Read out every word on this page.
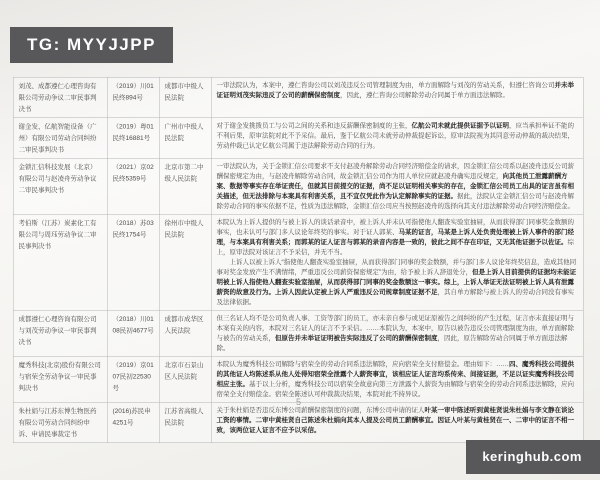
TG: MYYJJPP
刘茂、成都遵仁心理咨询有限公司劳动争议二审民事判决书	（2019）川01民终894号	成都市中级人民法院	一审法院认为，本案中，遵仁咨询公司以刘茂违反公司管理制度为由，单方面解除与刘茂的劳动关系，但遵仁咨询公司并未举证证明刘茂实际违反了公司的薪酬保密制度，因此，遵仁咨询公司解除劳动合同属于单方面违法解除。

谢金发、亿航智能设备（广州）有限公司劳动合同纠纷二审民事判决书	（2019）粤01民终16881号	广州市中级人民法院	对于谢金发挑拨员工与公司之间的关系和违反薪酬保密制度的主张，亿航公司未就此提供证据予以证明，应当承担举证不能的不利后果，原审法院对此不予采信。最后，鉴于亿航公司未就劳动仲裁提起诉讼，原审法院视为其同意劳动仲裁的裁决结果，劳动仲裁已认定亿航公司属于违法解除劳动合同的行为。

金锁汇信科技发展（北京）有限公司与赵凌舟劳动争议二审民事判决书	（2021）京02民终5359号	北京市第二中级人民法院	一审法院认为，关于金锁汇信公司要求不支付赵凌舟解除劳动合同经济赔偿金的请求，因金锁汇信公司系以赵凌舟违反公司薪酬保密规定为由，与赵凌舟解除劳动合同，故金锁汇信公司作为用人单位应就赵凌舟确实违反规定，向其他员工泄露薪酬方案、数据等事实存在举证责任，但就其目前提交的证据，尚不足以证明相关事实的存在，金锁汇信公司员工出具的证言虽有相关描述，但无法排除与本案具有利害关系，且不宜仅凭此作为认定解除事实的证据。据此，法院认定金锁汇信公司与赵凌舟解除劳动合同的事实依据不足，性质为违法解除，金锁汇信公司应当按照赵凌舟的选择向其支付违法解除劳动合同经济赔偿金。

考伯斯（江苏）炭素化工有限公司与周珏劳动争议二审民事判决书	（2018）苏03民终1754号	徐州市中级人民法院	本院认为上诉人提供的与被上诉人的谈话录音中，被上诉人并未认可指使他人翻查实验室抽屉，从而获得部门同事奖金数额的事实，也未认可与部门多人议论年终奖的事实。对于证人郭某、马某的证言，马某是上诉人处负责处理被上诉人事件的部门经理，与本案具有利害关系；而郭某的证人证言与郭某的录音内容是一致的，彼此之间不存在印证，又无其他证据予以佐证。综上，原审法院对该证言不予采信，并无不当。
上诉人以被上诉人“指使他人翻查实验室抽屉，从而获得部门同事的奖金数额，并与部门多人议论年终奖信息，造成其他同事对奖金发放产生不满情绪，严重违反公司薪资保密规定”为由，给予被上诉人辞退处分，但是上诉人目前提供的证据均未能证明被上诉人指使他人翻查实验室抽屉，从而获得部门同事的奖金数额这一事实。综上，上诉人举证无法证明被上诉人具有泄露薪资的故意及行为。上诉人因此认定被上诉人严重违反公司规章制度证据不足，其自单方解除与被上诉人的劳动合同没有事实及法律依据。

成都遵仁心理咨询有限公司与刘茂劳动争议一审民事判决书	（2018）川0108民初4677号	成都市成华区人民法院	但三名证人均不是公司负责人事、工资等部门的员工，亦未亲自参与或见证原被告之间纠纷的产生过程，证言亦未直接证明与本案有关的内容，本院对三名证人的证言不予采信。……本院认为，本案中，原告以被告违反公司管理制度为由，单方面解除与被告的劳动关系，但原告并未举证证明被告实际违反了公司的薪酬保密制度，因此，原告解除劳动合同属于单方面违法解除。

魔秀科技(北京)股份有限公司与宿荣全劳动争议一审民事判决书	（2019）京0107民初22530号	北京市石景山区人民法院	本院认为魔秀科技公司解除与宿荣全的劳动合同系违法解除，应向宿荣全支付赔偿金。理由如下：……四、魔秀科技公司提供的其他证人均陈述系从他人处得知宿荣全泄露个人薪资事宜，该相应证人证言均系传来、间接证据，不足以证实魔秀科技公司相应主张。基于以上分析，魔秀科技公司以宿荣全故意向第三方泄露个人薪资为由解除与宿荣全的劳动合同系违法解除，应向宿荣全支付赔偿金。宿荣全陈述认可仲裁裁决结果，本院对此不持异议。

朱杜娟与江苏东博生物医药有限公司劳动合同纠纷申诉、申请民事裁定书	(2016)苏民申4251号	江苏省高级人民法院	关于朱杜娟是否违反东博公司薪酬保密制度的问题，东博公司申请的证人叶某一审中陈述听到黄桂贤说朱杜娟与李文静在谈论工资的事情。二审中黄桂贤自己陈述朱杜娟向其本人提及公司员工薪酬事宜。因证人叶某与黄桂贤在一、二审中的证言不相一致，该两位证人证言不应予以采信。
5
keringhub.com
